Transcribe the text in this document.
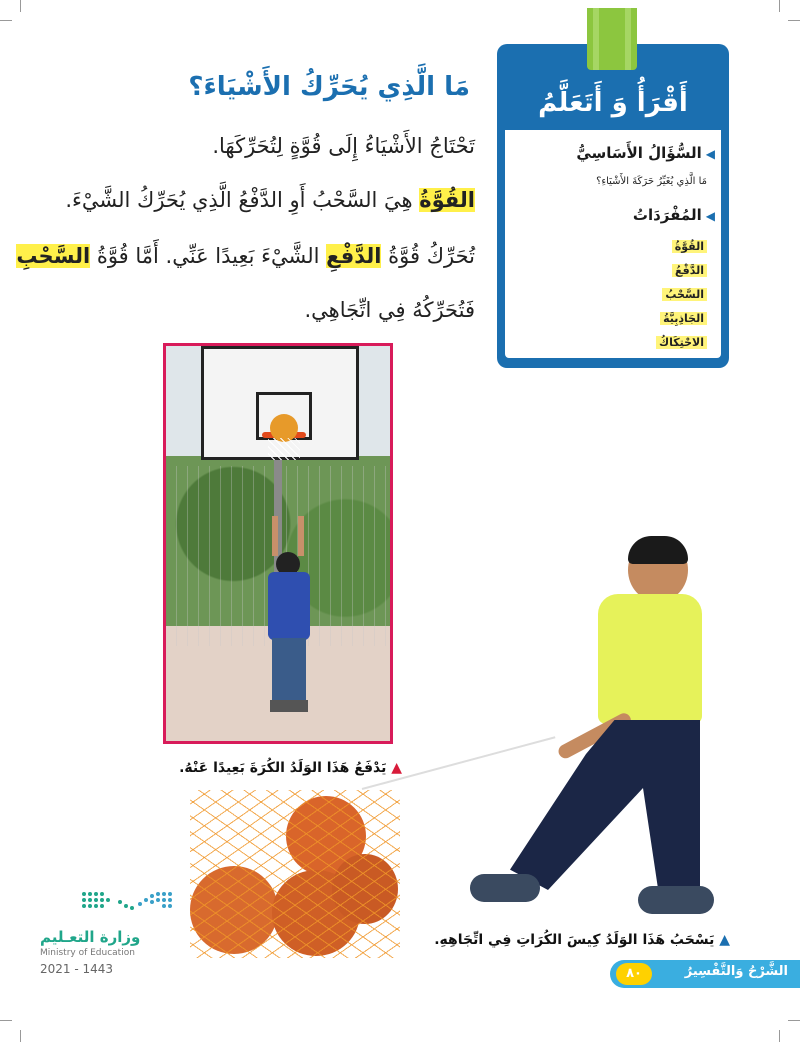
أَقْرَأُ وَ أَتَعَلَّمُ
◀السُّؤَالُ الأَسَاسِيُّ
مَا الَّذِي يُغَيِّرُ حَرَكَةَ الأَشْيَاءِ؟
◀المُفْرَدَاتُ
القُوَّةُ
الدَّفْعُ
السَّحْبُ
الجَاذِبِيَّةُ
الاحْتِكَاكُ
مَا الَّذِي يُحَرِّكُ الأَشْيَاءَ؟
تَحْتَاجُ الأَشْيَاءُ إِلَى قُوَّةٍ لِتُحَرِّكَهَا.
القُوَّةُ هِيَ السَّحْبُ أَوِ الدَّفْعُ الَّذِي يُحَرِّكُ الشَّيْءَ.
تُحَرِّكُ قُوَّةُ الدَّفْعِ الشَّيْءَ بَعِيدًا عَنِّي. أَمَّا قُوَّةُ السَّحْبِ
فَتُحَرِّكُهُ فِي اتِّجَاهِي.
▲ يَدْفَعُ هَذَا الوَلَدُ الكُرَةَ بَعِيدًا عَنْهُ.
▲ يَسْحَبُ هَذَا الوَلَدُ كِيسَ الكُرَاتِ فِي اتِّجَاهِهِ.
وزارة التعـليم
Ministry of Education
2021 - 1443	الشَّرْحُ وَالتَّفْسِيرُ
٨٠
